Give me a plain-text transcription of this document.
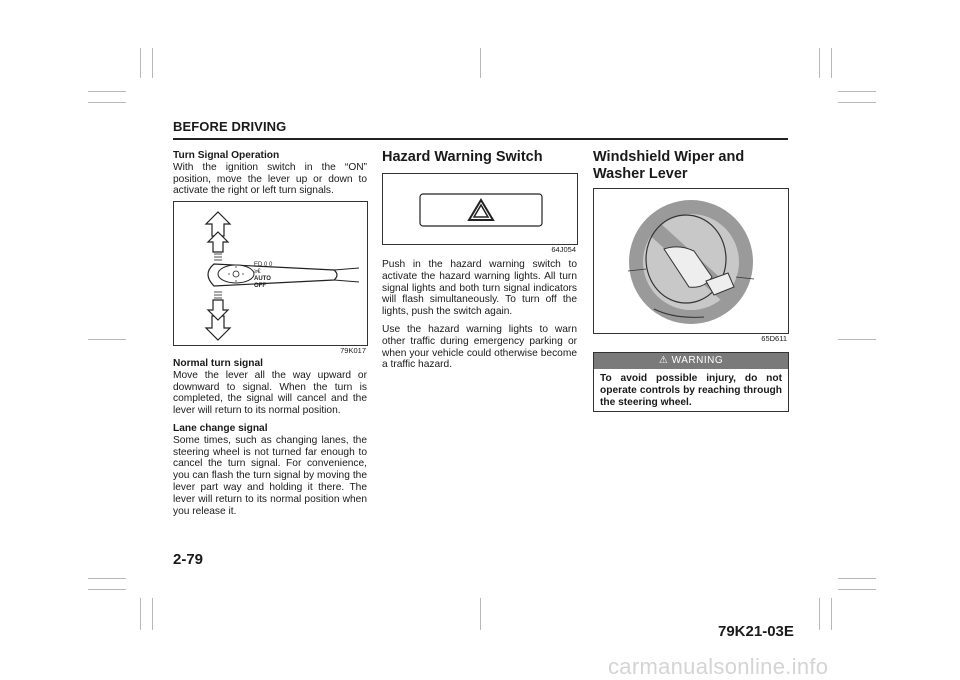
BEFORE DRIVING
Turn Signal Operation

With the ignition switch in the “ON” position, move the lever up or down to activate the right or left turn signals.

ED 0 0
≥€
AUTO
OFF
79K017
Normal turn signal

Move the lever all the way upward or downward to signal. When the turn is completed, the signal will cancel and the lever will return to its normal position.

Lane change signal

Some times, such as changing lanes, the steering wheel is not turned far enough to cancel the turn signal. For convenience, you can flash the turn signal by moving the lever part way and holding it there. The lever will return to its normal position when you release it.

Hazard Warning Switch
64J054

Push in the hazard warning switch to activate the hazard warning lights. All turn signal lights and both turn signal indicators will flash simultaneously. To turn off the lights, push the switch again.

Use the hazard warning lights to warn other traffic during emergency parking or when your vehicle could otherwise become a traffic hazard.

Windshield Wiper and Washer Lever
65D611
⚠ WARNING
To avoid possible injury, do not operate controls by reaching through the steering wheel.
2-79
79K21-03E
carmanualsonline.info
